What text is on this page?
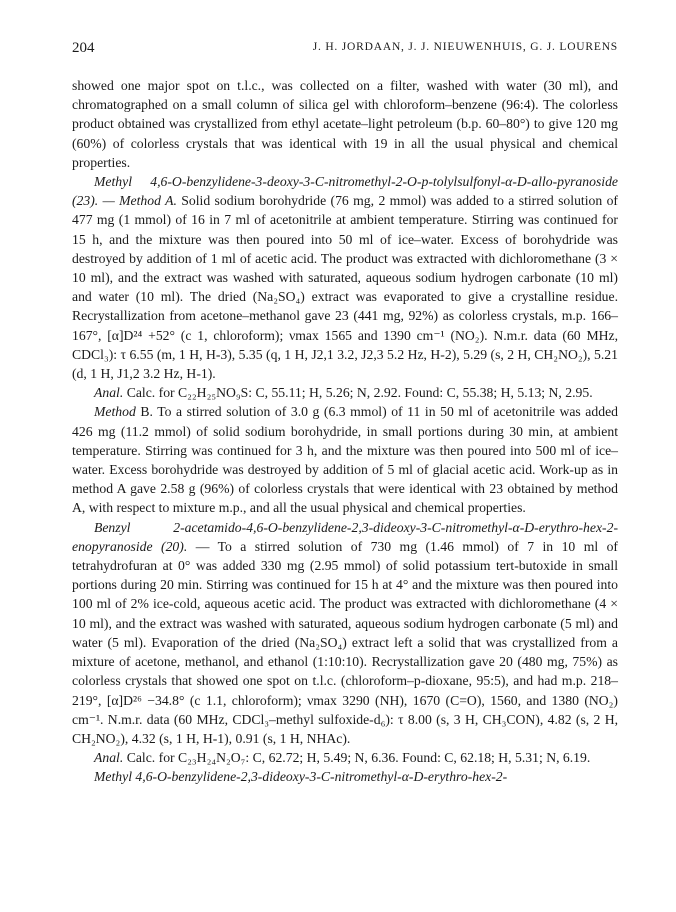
204	J. H. JORDAAN, J. J. NIEUWENHUIS, G. J. LOURENS

showed one major spot on t.l.c., was collected on a filter, washed with water (30 ml), and chromatographed on a small column of silica gel with chloroform–benzene (96:4). The colorless product obtained was crystallized from ethyl acetate–light petroleum (b.p. 60–80°) to give 120 mg (60%) of colorless crystals that was identical with 19 in all the usual physical and chemical properties.

Methyl 4,6-O-benzylidene-3-deoxy-3-C-nitromethyl-2-O-p-tolylsulfonyl-α-D-allo-pyranoside (23). — Method A. Solid sodium borohydride (76 mg, 2 mmol) was added to a stirred solution of 477 mg (1 mmol) of 16 in 7 ml of acetonitrile at ambient temperature. Stirring was continued for 15 h, and the mixture was then poured into 50 ml of ice–water. Excess of borohydride was destroyed by addition of 1 ml of acetic acid. The product was extracted with dichloromethane (3 × 10 ml), and the extract was washed with saturated, aqueous sodium hydrogen carbonate (10 ml) and water (10 ml). The dried (Na₂SO₄) extract was evaporated to give a crystalline residue. Recrystallization from acetone–methanol gave 23 (441 mg, 92%) as colorless crystals, m.p. 166–167°, [α]D²⁴ +52° (c 1, chloroform); νmax 1565 and 1390 cm⁻¹ (NO₂). N.m.r. data (60 MHz, CDCl₃): τ 6.55 (m, 1 H, H-3), 5.35 (q, 1 H, J2,1 3.2, J2,3 5.2 Hz, H-2), 5.29 (s, 2 H, CH₂NO₂), 5.21 (d, 1 H, J1,2 3.2 Hz, H-1).

Anal. Calc. for C₂₂H₂₅NO₉S: C, 55.11; H, 5.26; N, 2.92. Found: C, 55.38; H, 5.13; N, 2.95.

Method B. To a stirred solution of 3.0 g (6.3 mmol) of 11 in 50 ml of acetonitrile was added 426 mg (11.2 mmol) of solid sodium borohydride, in small portions during 30 min, at ambient temperature. Stirring was continued for 3 h, and the mixture was then poured into 500 ml of ice–water. Excess borohydride was destroyed by addition of 5 ml of glacial acetic acid. Work-up as in method A gave 2.58 g (96%) of colorless crystals that were identical with 23 obtained by method A, with respect to mixture m.p., and all the usual physical and chemical properties.

Benzyl 2-acetamido-4,6-O-benzylidene-2,3-dideoxy-3-C-nitromethyl-α-D-erythro-hex-2-enopyranoside (20). — To a stirred solution of 730 mg (1.46 mmol) of 7 in 10 ml of tetrahydrofuran at 0° was added 330 mg (2.95 mmol) of solid potassium tert-butoxide in small portions during 20 min. Stirring was continued for 15 h at 4° and the mixture was then poured into 100 ml of 2% ice-cold, aqueous acetic acid. The product was extracted with dichloromethane (4 × 10 ml), and the extract was washed with saturated, aqueous sodium hydrogen carbonate (5 ml) and water (5 ml). Evaporation of the dried (Na₂SO₄) extract left a solid that was crystallized from a mixture of acetone, methanol, and ethanol (1:10:10). Recrystallization gave 20 (480 mg, 75%) as colorless crystals that showed one spot on t.l.c. (chloroform–p-dioxane, 95:5), and had m.p. 218–219°, [α]D²⁶ −34.8° (c 1.1, chloroform); νmax 3290 (NH), 1670 (C=O), 1560, and 1380 (NO₂) cm⁻¹. N.m.r. data (60 MHz, CDCl₃–methyl sulfoxide-d₆): τ 8.00 (s, 3 H, CH₃CON), 4.82 (s, 2 H, CH₂NO₂), 4.32 (s, 1 H, H-1), 0.91 (s, 1 H, NHAc).

Anal. Calc. for C₂₃H₂₄N₂O₇: C, 62.72; H, 5.49; N, 6.36. Found: C, 62.18; H, 5.31; N, 6.19.

Methyl 4,6-O-benzylidene-2,3-dideoxy-3-C-nitromethyl-α-D-erythro-hex-2-
